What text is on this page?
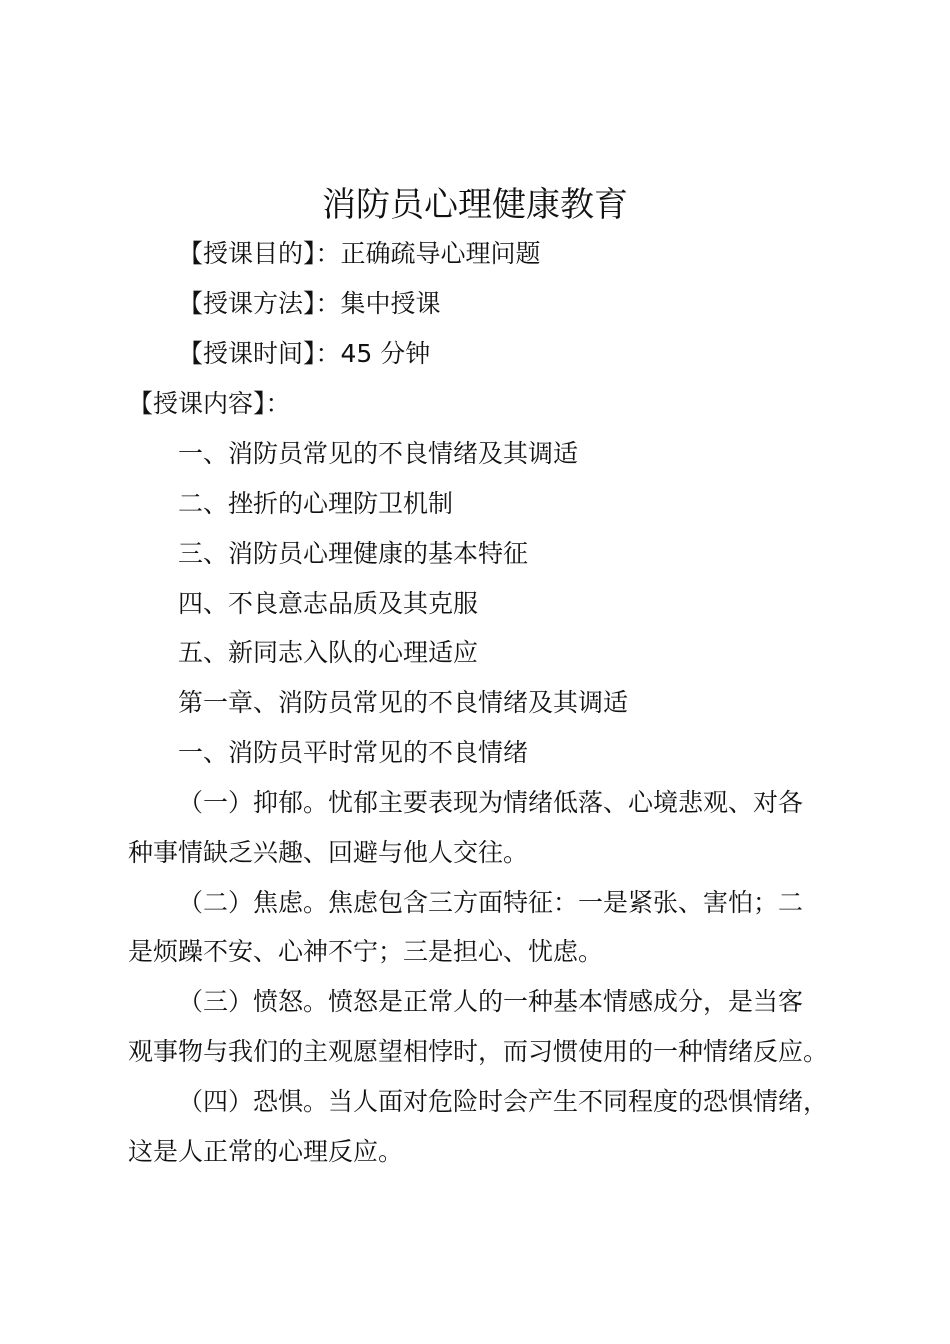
消防员心理健康教育
【授课目的】：正确疏导心理问题
【授课方法】：集中授课
【授课时间】：45 分钟
【授课内容】：
一、消防员常见的不良情绪及其调适
二、挫折的心理防卫机制
三、消防员心理健康的基本特征
四、不良意志品质及其克服
五、新同志入队的心理适应
第一章、消防员常见的不良情绪及其调适
一、消防员平时常见的不良情绪
（一）抑郁。忧郁主要表现为情绪低落、心境悲观、对各
种事情缺乏兴趣、回避与他人交往。
（二）焦虑。焦虑包含三方面特征：一是紧张、害怕；二
是烦躁不安、心神不宁；三是担心、忧虑。
（三）愤怒。愤怒是正常人的一种基本情感成分，是当客
观事物与我们的主观愿望相悖时，而习惯使用的一种情绪反应。
（四）恐惧。当人面对危险时会产生不同程度的恐惧情绪，
这是人正常的心理反应。
